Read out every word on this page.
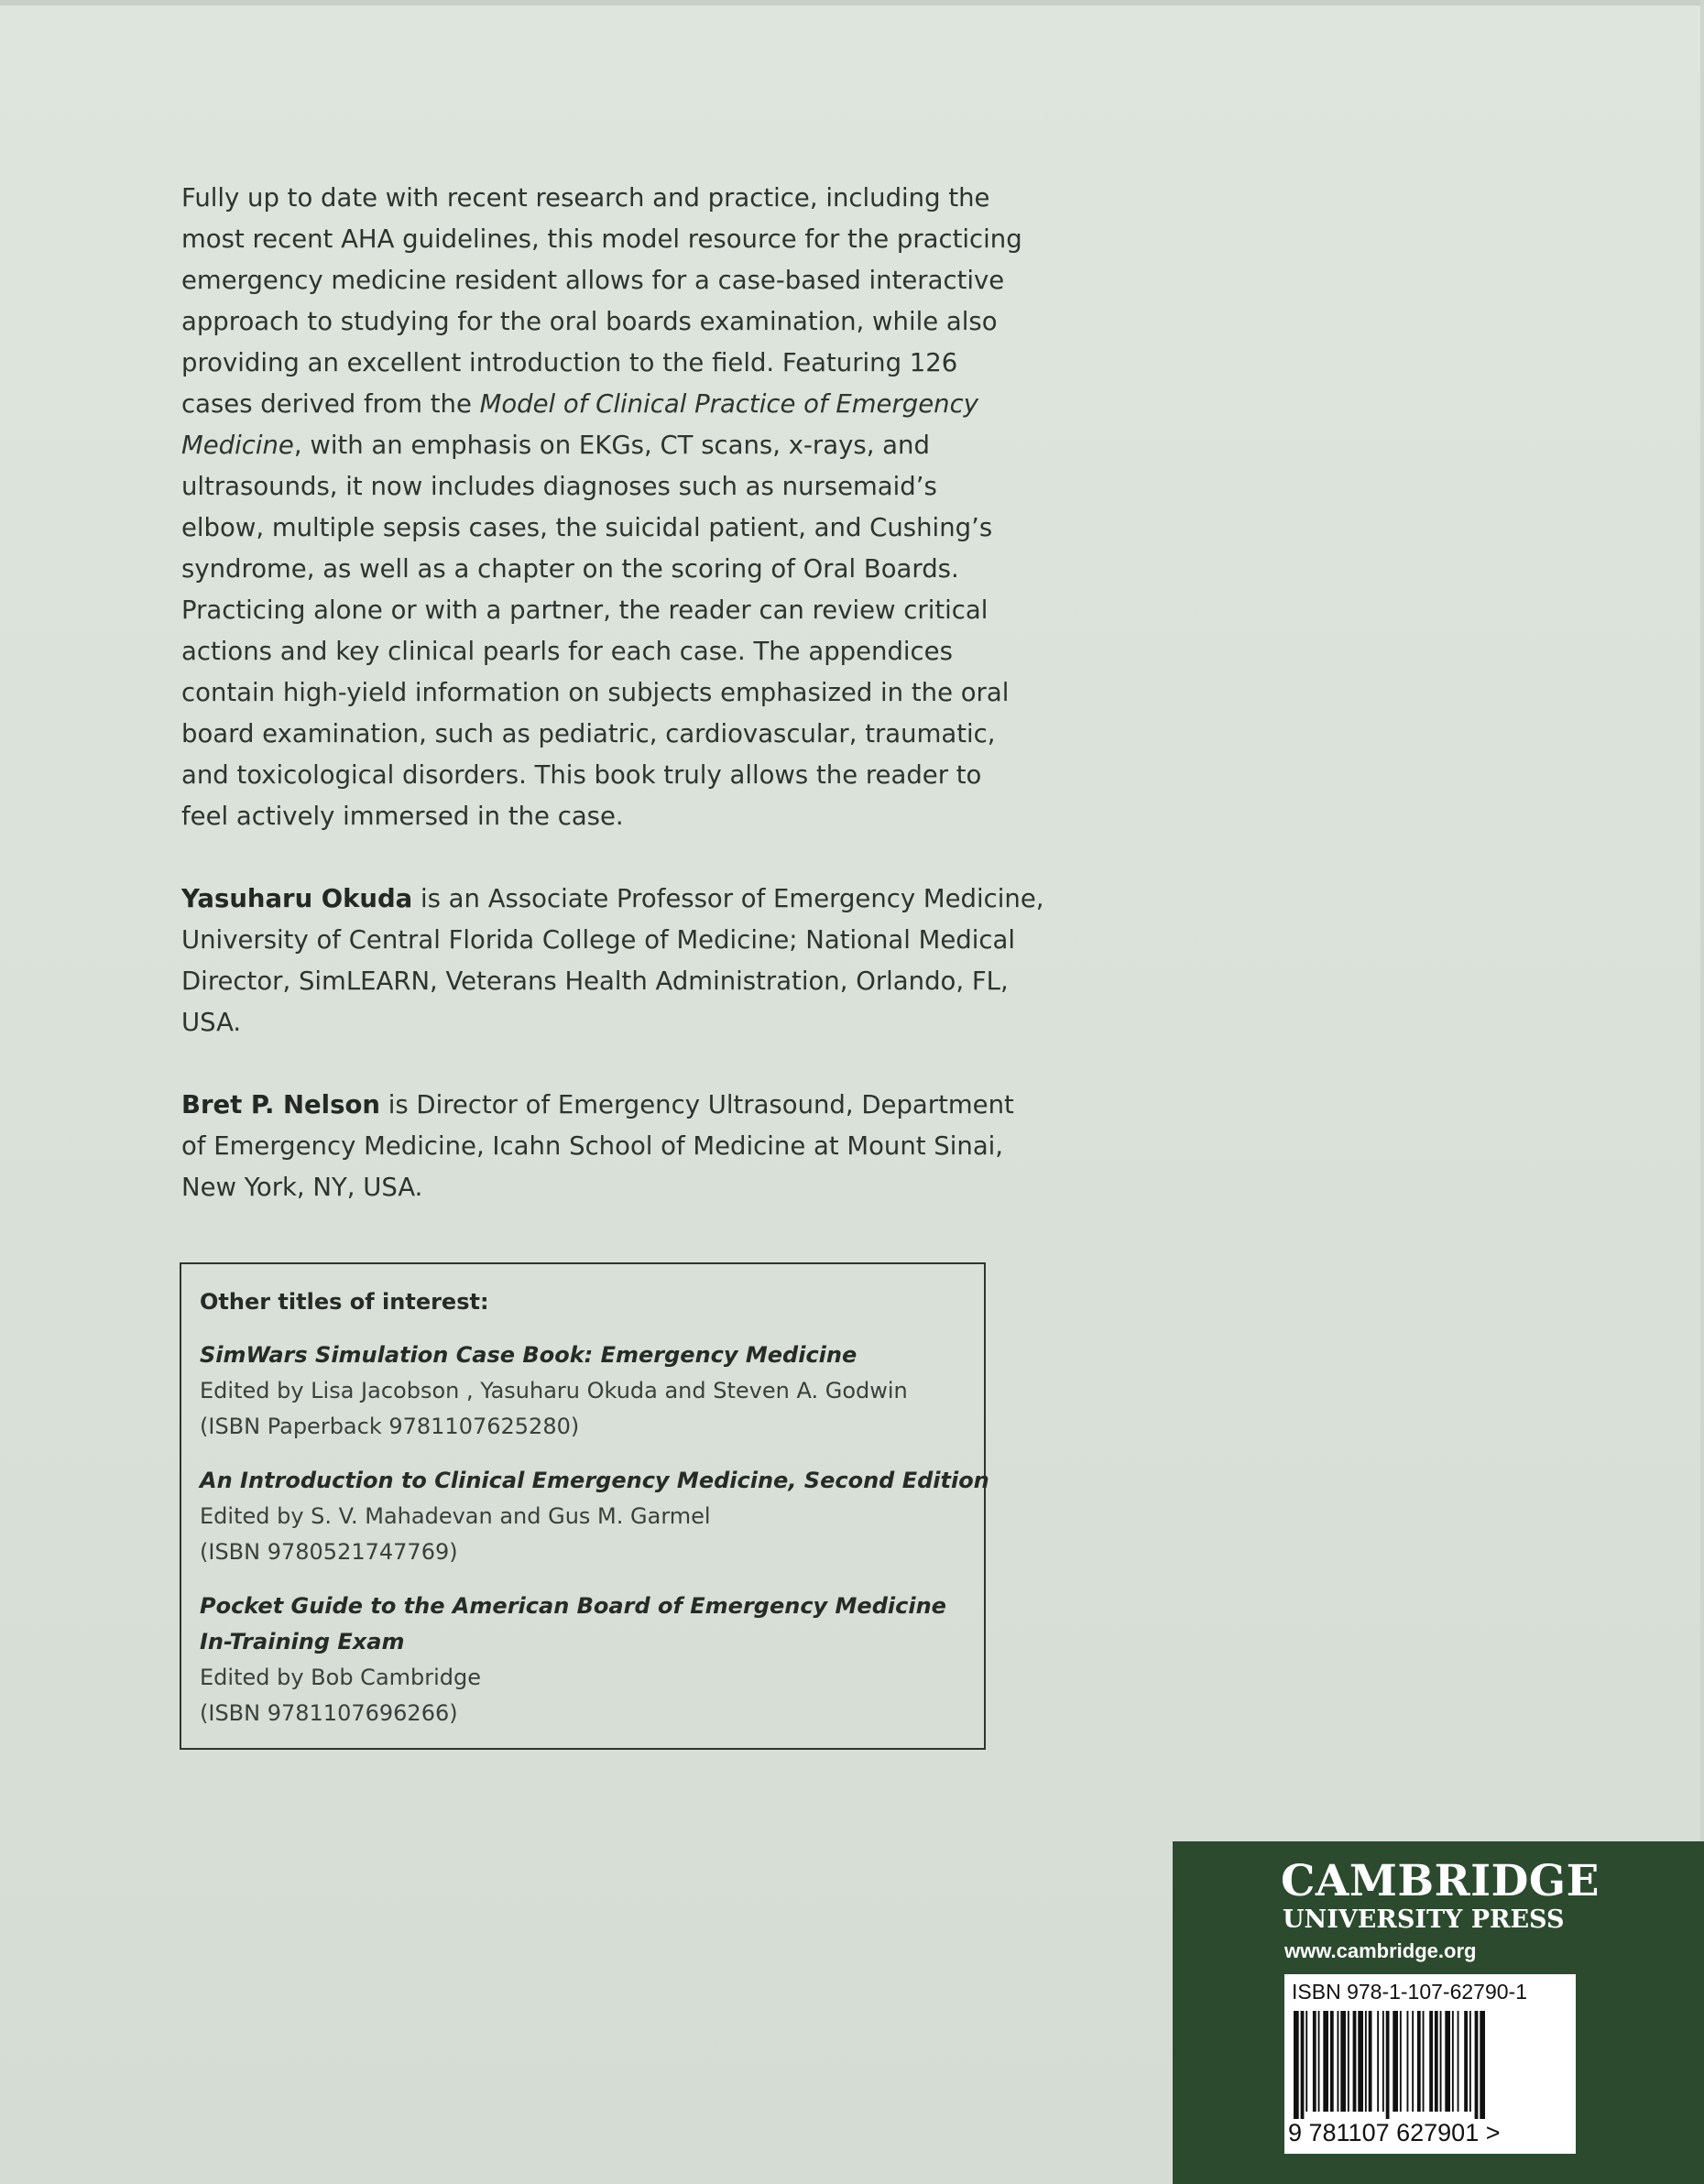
Fully up to date with recent research and practice, including the
most recent AHA guidelines, this model resource for the practicing
emergency medicine resident allows for a case-based interactive
approach to studying for the oral boards examination, while also
providing an excellent introduction to the field. Featuring 126
cases derived from the Model of Clinical Practice of Emergency
Medicine, with an emphasis on EKGs, CT scans, x-rays, and
ultrasounds, it now includes diagnoses such as nursemaid’s
elbow, multiple sepsis cases, the suicidal patient, and Cushing’s
syndrome, as well as a chapter on the scoring of Oral Boards.
Practicing alone or with a partner, the reader can review critical
actions and key clinical pearls for each case. The appendices
contain high-yield information on subjects emphasized in the oral
board examination, such as pediatric, cardiovascular, traumatic,
and toxicological disorders. This book truly allows the reader to
feel actively immersed in the case.

Yasuharu Okuda is an Associate Professor of Emergency Medicine,
University of Central Florida College of Medicine; National Medical
Director, SimLEARN, Veterans Health Administration, Orlando, FL,
USA.

Bret P. Nelson is Director of Emergency Ultrasound, Department
of Emergency Medicine, Icahn School of Medicine at Mount Sinai,
New York, NY, USA.

Other titles of interest:
SimWars Simulation Case Book: Emergency Medicine
Edited by Lisa Jacobson , Yasuharu Okuda and Steven A. Godwin
(ISBN Paperback 9781107625280)
An Introduction to Clinical Emergency Medicine, Second Edition
Edited by S. V. Mahadevan and Gus M. Garmel
(ISBN 9780521747769)
Pocket Guide to the American Board of Emergency Medicine
In-Training Exam
Edited by Bob Cambridge
(ISBN 9781107696266)
CAMBRIDGE
UNIVERSITY PRESS
www.cambridge.org
ISBN 978-1-107-62790-1
9 781107 627901 >
